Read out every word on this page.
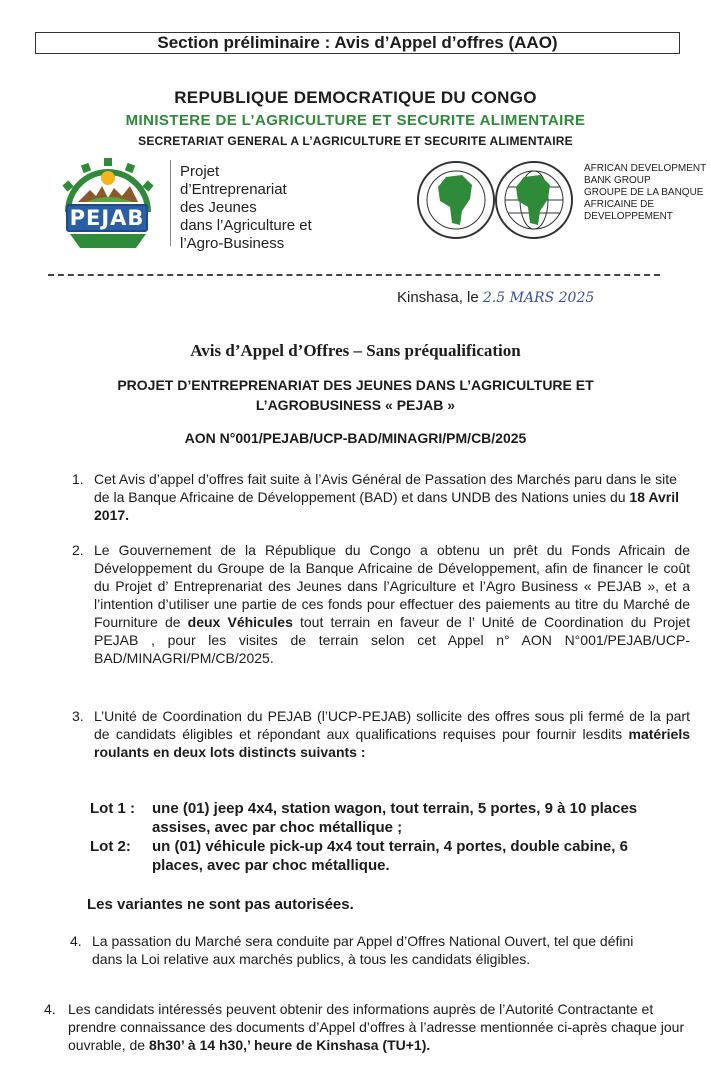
Section préliminaire : Avis d’Appel d’offres (AAO)
REPUBLIQUE DEMOCRATIQUE DU CONGO
MINISTERE DE L’AGRICULTURE ET SECURITE ALIMENTAIRE
SECRETARIAT GENERAL A L’AGRICULTURE ET SECURITE ALIMENTAIRE
PEJAB
Projet
d’Entreprenariat
des Jeunes
dans l’Agriculture et
l’Agro-Business
AFRICAN DEVELOPMENT
BANK GROUP
GROUPE DE LA BANQUE
AFRICAINE DE
DEVELOPPEMENT
Kinshasa, le 2.5 MARS 2025
Avis d’Appel d’Offres – Sans préqualification
PROJET D’ENTREPRENARIAT DES JEUNES DANS L’AGRICULTURE ET
L’AGROBUSINESS « PEJAB »
AON N°001/PEJAB/UCP-BAD/MINAGRI/PM/CB/2025
1. Cet Avis d’appel d’offres fait suite à l’Avis Général de Passation des Marchés paru dans le site de la Banque Africaine de Développement (BAD) et dans UNDB des Nations unies du 18 Avril 2017.
2. Le Gouvernement de la République du Congo a obtenu un prêt du Fonds Africain de Développement du Groupe de la Banque Africaine de Développement, afin de financer le coût du Projet d’ Entreprenariat des Jeunes dans l’Agriculture et l’Agro Business « PEJAB », et a l’intention d’utiliser une partie de ces fonds pour effectuer des paiements au titre du Marché de Fourniture de deux Véhicules tout terrain en faveur de l’ Unité de Coordination du Projet PEJAB , pour les visites de terrain selon cet Appel n° AON N°001/PEJAB/UCP-BAD/MINAGRI/PM/CB/2025.
3. L’Unité de Coordination du PEJAB (l’UCP-PEJAB) sollicite des offres sous pli fermé de la part de candidats éligibles et répondant aux qualifications requises pour fournir lesdits matériels roulants en deux lots distincts suivants :
Lot 1 : une (01) jeep 4x4, station wagon, tout terrain, 5 portes, 9 à 10 places assises, avec par choc métallique ;
Lot 2: un (01) véhicule pick-up 4x4 tout terrain, 4 portes, double cabine, 6 places, avec par choc métallique.
Les variantes ne sont pas autorisées.
4. La passation du Marché sera conduite par Appel d’Offres National Ouvert, tel que défini dans la Loi relative aux marchés publics, à tous les candidats éligibles.
4. Les candidats intéressés peuvent obtenir des informations auprès de l’Autorité Contractante et prendre connaissance des documents d’Appel d’offres à l’adresse mentionnée ci-après chaque jour ouvrable, de 8h30’ à 14 h30,’ heure de Kinshasa (TU+1).
